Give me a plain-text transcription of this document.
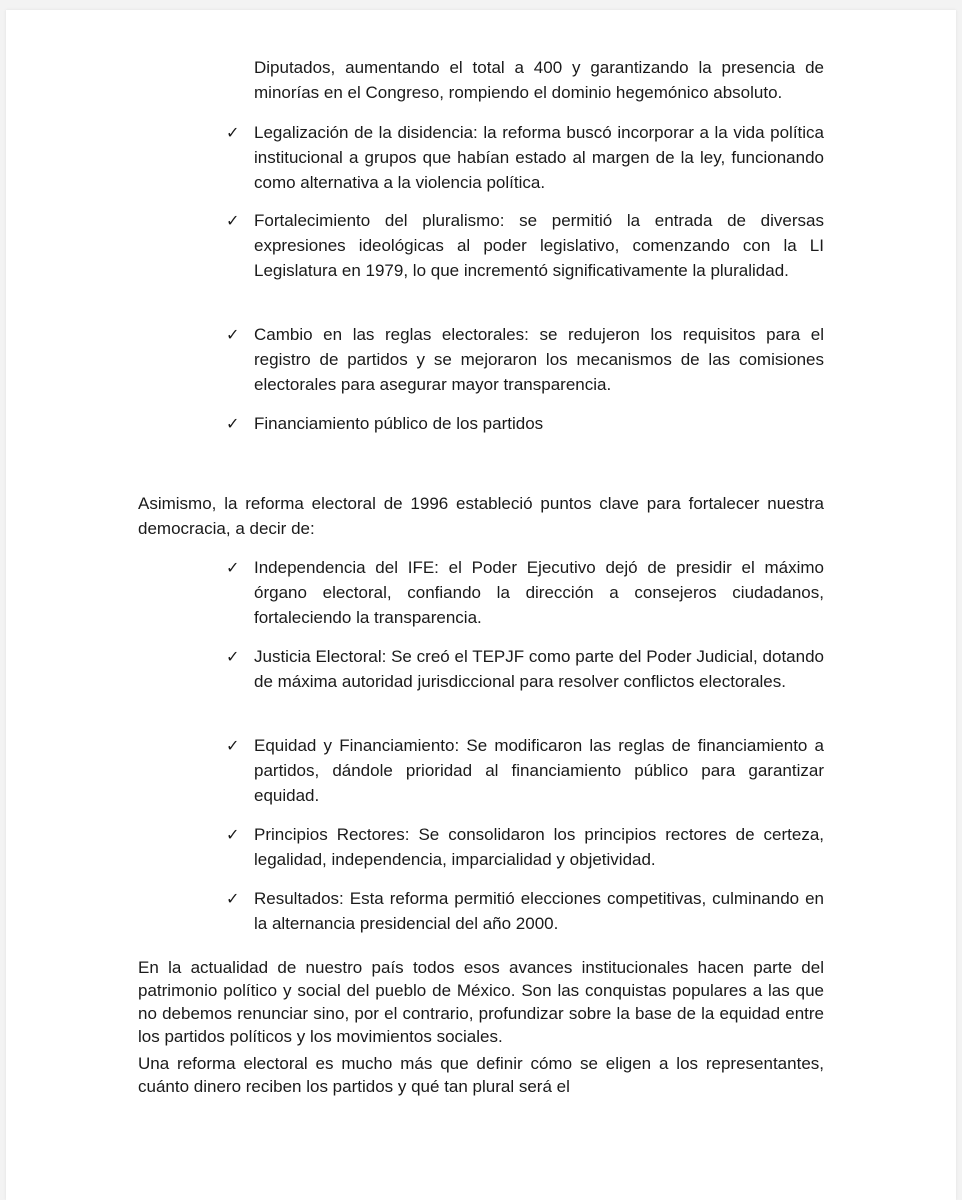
Diputados, aumentando el total a 400 y garantizando la presencia de minorías en el Congreso, rompiendo el dominio hegemónico absoluto.
✓ Legalización de la disidencia: la reforma buscó incorporar a la vida política institucional a grupos que habían estado al margen de la ley, funcionando como alternativa a la violencia política.
✓ Fortalecimiento del pluralismo: se permitió la entrada de diversas expresiones ideológicas al poder legislativo, comenzando con la LI Legislatura en 1979, lo que incrementó significativamente la pluralidad.
✓ Cambio en las reglas electorales: se redujeron los requisitos para el registro de partidos y se mejoraron los mecanismos de las comisiones electorales para asegurar mayor transparencia.
✓ Financiamiento público de los partidos
Asimismo, la reforma electoral de 1996 estableció puntos clave para fortalecer nuestra democracia, a decir de:
✓ Independencia del IFE: el Poder Ejecutivo dejó de presidir el máximo órgano electoral, confiando la dirección a consejeros ciudadanos, fortaleciendo la transparencia.
✓ Justicia Electoral: Se creó el TEPJF como parte del Poder Judicial, dotando de máxima autoridad jurisdiccional para resolver conflictos electorales.
✓ Equidad y Financiamiento: Se modificaron las reglas de financiamiento a partidos, dándole prioridad al financiamiento público para garantizar equidad.
✓ Principios Rectores: Se consolidaron los principios rectores de certeza, legalidad, independencia, imparcialidad y objetividad.
✓ Resultados: Esta reforma permitió elecciones competitivas, culminando en la alternancia presidencial del año 2000.
En la actualidad de nuestro país todos esos avances institucionales hacen parte del patrimonio político y social del pueblo de México. Son las conquistas populares a las que no debemos renunciar sino, por el contrario, profundizar sobre la base de la equidad entre los partidos políticos y los movimientos sociales.
Una reforma electoral es mucho más que definir cómo se eligen a los representantes, cuánto dinero reciben los partidos y qué tan plural será el
